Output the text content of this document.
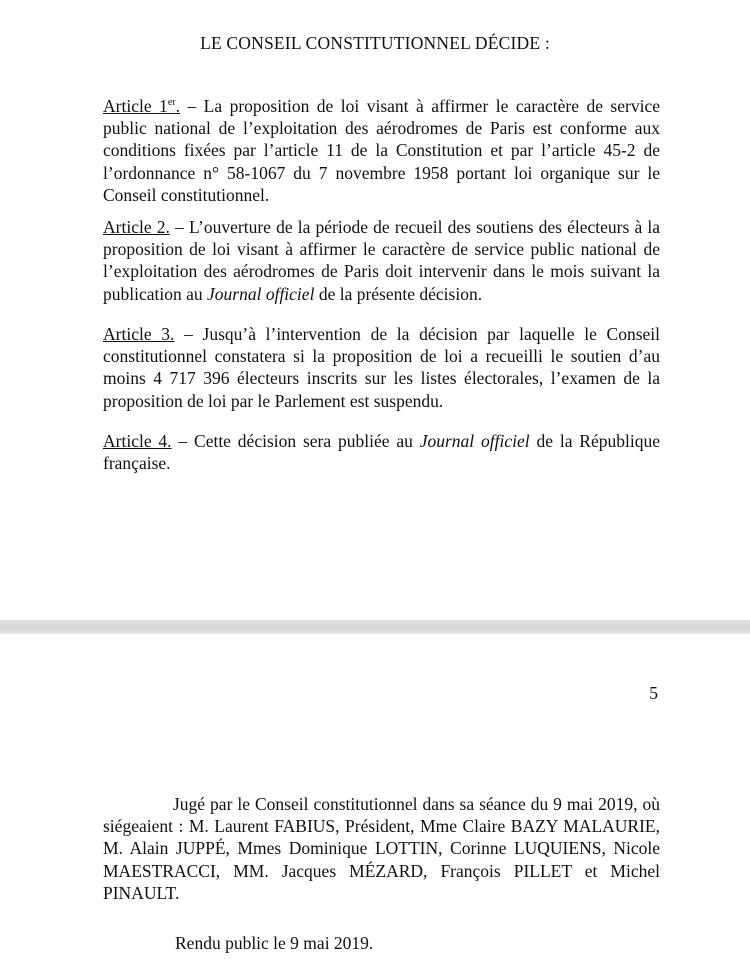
LE CONSEIL CONSTITUTIONNEL DÉCIDE :

Article 1er. – La proposition de loi visant à affirmer le caractère de service public national de l’exploitation des aérodromes de Paris est conforme aux conditions fixées par l’article 11 de la Constitution et par l’article 45-2 de l’ordonnance n° 58-1067 du 7 novembre 1958 portant loi organique sur le Conseil constitutionnel.

Article 2. – L’ouverture de la période de recueil des soutiens des électeurs à la proposition de loi visant à affirmer le caractère de service public national de l’exploitation des aérodromes de Paris doit intervenir dans le mois suivant la publication au Journal officiel de la présente décision.

Article 3. – Jusqu’à l’intervention de la décision par laquelle le Conseil constitutionnel constatera si la proposition de loi a recueilli le soutien d’au moins 4 717 396 électeurs inscrits sur les listes électorales, l’examen de la proposition de loi par le Parlement est suspendu.

Article 4. – Cette décision sera publiée au Journal officiel de la République française.

5

Jugé par le Conseil constitutionnel dans sa séance du 9 mai 2019, où siégeaient : M. Laurent FABIUS, Président, Mme Claire BAZY MALAURIE, M. Alain JUPPÉ, Mmes Dominique LOTTIN, Corinne LUQUIENS, Nicole MAESTRACCI, MM. Jacques MÉZARD, François PILLET et Michel PINAULT.

Rendu public le 9 mai 2019.
